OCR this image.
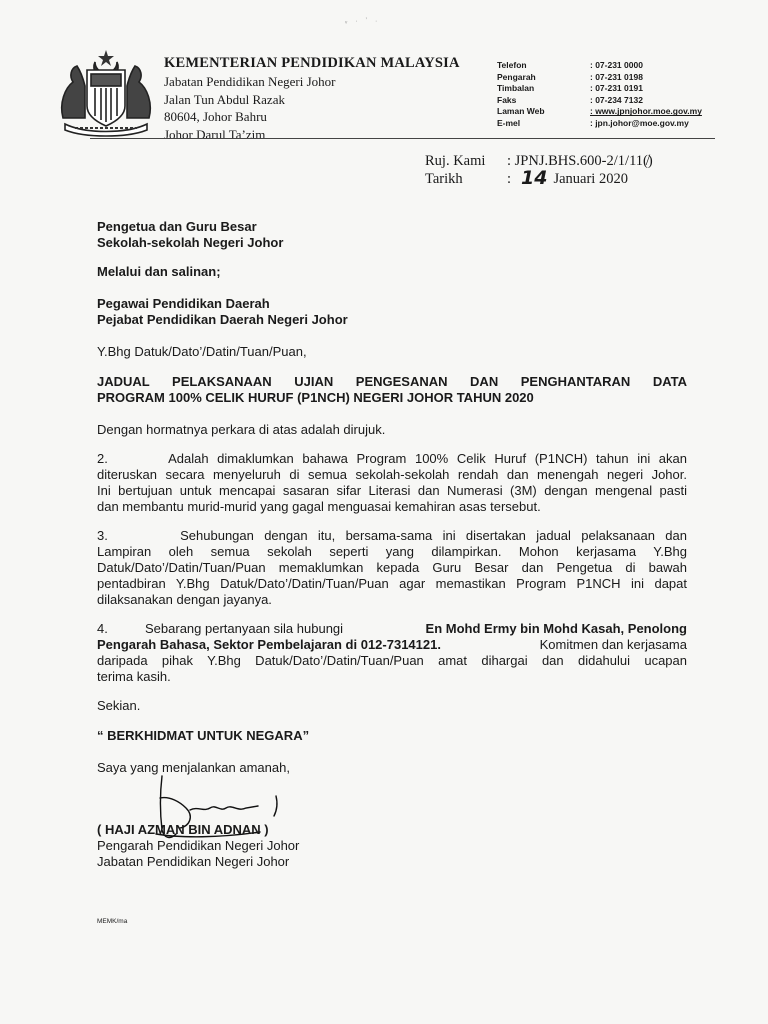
ᵥ · ʼ ·
KEMENTERIAN PENDIDIKAN MALAYSIA
Jabatan Pendidikan Negeri Johor
Jalan Tun Abdul Razak
80604, Johor Bahru
Johor Darul Ta’zim
Telefon	: 07-231 0000
Pengarah	: 07-231 0198
Timbalan	: 07-231 0191
Faks	: 07-234 7132
Laman Web	: www.jpnjohor.moe.gov.my
E-mel	: jpn.johor@moe.gov.my
Ruj. Kami	: JPNJ.BHS.600-2/1/11(̸)
Tarikh	: 14 Januari 2020
Pengetua dan Guru Besar
Sekolah-sekolah Negeri Johor
Melalui dan salinan;
Pegawai Pendidikan Daerah
Pejabat Pendidikan Daerah Negeri Johor
Y.Bhg Datuk/Dato’/Datin/Tuan/Puan,
JADUAL PELAKSANAAN UJIAN PENGESANAN DAN PENGHANTARAN DATA
PROGRAM 100% CELIK HURUF (P1NCH) NEGERI JOHOR TAHUN 2020
Dengan hormatnya perkara di atas adalah dirujuk.
2.       Adalah dimaklumkan bahawa Program 100% Celik Huruf (P1NCH) tahun ini akan
diteruskan secara menyeluruh di semua sekolah-sekolah rendah dan menengah negeri Johor.
Ini bertujuan untuk mencapai sasaran sifar Literasi dan Numerasi (3M) dengan mengenal pasti
dan membantu murid-murid yang gagal menguasai kemahiran asas tersebut.
3.       Sehubungan dengan itu, bersama-sama ini disertakan jadual pelaksanaan dan
Lampiran oleh semua sekolah seperti yang dilampirkan. Mohon kerjasama Y.Bhg
Datuk/Dato’/Datin/Tuan/Puan memaklumkan kepada Guru Besar dan Pengetua di bawah
pentadbiran Y.Bhg Datuk/Dato’/Datin/Tuan/Puan agar memastikan Program P1NCH ini dapat
dilaksanakan dengan jayanya.
4.	Sebarang pertanyaan sila hubungi	En Mohd Ermy bin Mohd Kasah, Penolong
Pengarah Bahasa, Sektor Pembelajaran di 012-7314121.	Komitmen dan kerjasama
daripada pihak Y.Bhg Datuk/Dato’/Datin/Tuan/Puan amat dihargai dan didahului ucapan
terima kasih.
Sekian.
“ BERKHIDMAT UNTUK NEGARA”
Saya yang menjalankan amanah,
( HAJI AZMAN BIN ADNAN )
Pengarah Pendidikan Negeri Johor
Jabatan Pendidikan Negeri Johor
MEMK/ma
